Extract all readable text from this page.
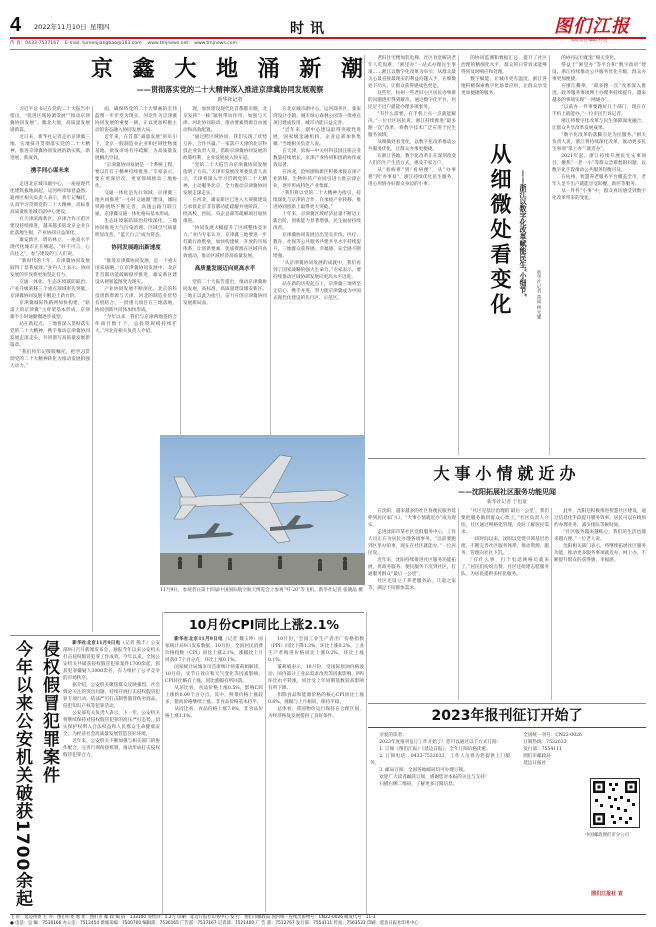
4 2022年11月10日 星期四	时讯	图们江报
本版责任编辑 朴英
传 真：0433-7537167 E-mail: tumenjiangbao@163.com www.tmjnews.net www.tmjnews.com
京 鑫 大 地 涌 新 潮
——贯彻落实党的二十大精神深入推进京津冀协同发展观察
新华社记者

习近平总书记在党的二十大报告中指出，“促进区域协调发展”“推动京津冀协同发展”。冀北大地，高质量发展谱新篇。

近日来，新华社记者走访京津冀三地，实地探寻贯彻落实党的二十大精神、推进京津冀协同发展的新实践、新进展、新成效。

携手同心谋未来

走进北京城市副中心，一座座现代化建筑拔地而起，运河两岸绿意盎然。通州区相关负责人表示，将牢记嘱托，认真学习贯彻党的二十大精神，高标准高质量推进城市副中心建设。

在天津滨海新区，京津合作示范区建设持续推进，越来越多的北京企业在此落地生根，产业协同日益深化。

雄安新区，塔吊林立，一座高水平现代化城市正在崛起。“妙不可言、心向往之”，参与建设的工人们说。

“新时代的十年，京津冀协同发展取得了显著成效。”业内人士表示，协同发展的步伐将更加坚定有力。

交通一体化、生态环境联防联治、产业升级转移三个重点领域率先突破，京津冀协同发展不断迈上新台阶。

京津冀城际铁路网加快构建，“轨道上的京津冀”主骨架基本形成，京津雄半小时通勤圈逐步成型。

站在新起点，三地将深入贯彻落实党的二十大精神，携手推动京津冀协同发展走深走实，共同谱写高质量发展新篇章。

“我们将牢记殷殷嘱托，把学习贯彻党的二十大精神转化为推动发展的强大动力。”

面，确保将党的二十大擘画的宏伟蓝图一步步变为现实。河北作为京津冀协同发展的重要一极，正以更加积极主动的姿态融入协同发展大局。

近年来，在首都“减量发展”的牵引下，北京一般制造业企业和区域性物流基地、批发市场有序疏解，为高质量发展腾出空间。

“京津冀协同发展是一个系统工程，要以钉钉子精神持续推进。”专家表示，要在更深层次、更宽领域推动三地协作。

交通一体化是先行领域。京津冀三地共同推进“一小时交通圈”建设，城际铁路网络不断完善，高速公路互联互通，京津冀交通一体化格局基本形成。

生态环境联防联治持续深化，三地协同推进大气污染治理，区域空气质量明显改善，“蓝天白云”成为常态。

协同发展跑出新速度

“推进京津冀协同发展，是一个重大国家战略。”在京津冀协同发展中，北京非首都功能疏解稳步推进，雄安新区建设从规划蓝图变为现实。

产业协同发展不断深化。北京的科技创新资源与天津、河北的制造业优势有机结合，一批重大项目在三地落地，协同创新共同体加快形成。

“今年以来，我们与京津两地签约合作项目数十个，总投资规模持续扩大。”河北省相关负责人介绍。

现，加快建设现代化首都都市圈，北京发挥“一核”辐射带动作用，加强与天津、河北协同联动，推动要素资源自由流动和高效配置。

“通过跨区域协同，我们实现了优势互补、合作共赢。”一家落户天津的北京科技企业负责人说，借助京津冀协同发展的政策红利，企业发展驶入快车道。

“党的二十大报告为京津冀协同发展指明了方向。”天津市发展改革委负责人表示，天津将深入学习贯彻党的二十大精神，主动服务北京，全力推动京津冀协同发展走深走实。

在河北，雄安新区已进入大规模建设与承接北京非首都功能疏解并重阶段。一批高校、医院、央企总部等疏解项目加快推进。

“协同发展大幅提升了区域整体竞争力。”业内专家认为，京津冀三地要进一步打破行政壁垒，加快构建统一开放的市场体系，让创新要素、优质资源在区域内高效流动，推动区域经济高质量发展。

高质量发展迈向更高水平

党的二十大报告提出，推动京津冀协同发展，高标准、高质量建设雄安新区。三地正以此为指引，奋力开创京津冀协同发展新局面。

在北京城市副中心，运河商务区、张家湾设计小镇、城市绿心森林公园等一批重点项目建成投用，城市功能日益完善。

“近年来，副中心建设取得突破性进展，国家级金融机构、企业总部加快集聚。”当地相关负责人说。

在天津，滨海—中关村科技园注册企业数量持续增长，京津产业协同和创新协作成效显著。

在河北，沧州渤海新区积极承接京津产业转移，生物医药产业园引进大批京津企业，逐步形成特色产业集群。

“我们将以党的二十大精神为指引，持续深化与京津的合作，在承接产业转移、推进协同创新上取得更大突破。”

十年来，京津冀区域经济总量不断迈上新台阶，创新能力显著增强，民生福祉持续改善。

京津冀协同发展迈出坚实步伐。医疗、教育、社保等公共服务共建共享水平持续提升，三地群众获得感、幸福感、安全感不断增强。

“从京津冀协同发展的成就中，我们看到了国家战略的强大生命力。”专家表示，要持续推动区域协调发展向更高水平迈进。

站在新的历史起点上，京津冀三地将坚定信心、携手并进，努力使京津冀成为中国式现代化建设的先行区、示范区。

11月9日，参观者在第十四届中国国际航空航天博览会上参观“歼-20”等飞机。新华社记者 张晓晶 摄

老旧住宅楼加装电梯、社区食堂解决老年人吃饭难、“浙里办”一站式办理民生事项……浙江以数字化改革为牵引，从群众最关心最直接最现实的利益问题入手，在细微处下功夫，让群众获得感成色更足。

这些年，杭州一些老旧小区居民办事难的问题逐步得到解决。通过数字化平台，居民足不出户就能办理多项事务。

“有什么需要，在手机上点一点就能解决。”一位社区居民说。浙江持续推进“最多跑一次”改革，将数字技术广泛应用于民生服务领域。

从细微处看变化，以数字化改革推动公共服务优化，让群众办事更便捷。

在浙江各地，数字化改革正在深刻改变人们的生产生活方式，惠及千家万户。

从“看病难”到“看病便”，从“办事难”到“办事易”，浙江持续优化民生服务，用心用情办好群众身边的小事。

的协同监测和数据汇总，提升了社区治理的精细化水平。群众的日常诉求能够得到及时响应和处理。

数字赋能，让城市更有温度。浙江各地积极探索数字化场景应用，让群众享受更加便捷的服务。

从细微处看变化	——浙江以数字化改革赋能民生“小细节”	新华社记者 黄筱 林光耀

的协同运行配套”相关变化。

得益于“浙里办”等平台和“数字政府”建设，浙江持续推动公共服务优化升级，群众办事更加便捷。

在浙江衢州，“最多跑一次”改革深入推进，政务服务事项网上办理率持续提升，越来越多的事项实现“一网通办”。

“以前办一件事要跑好几个部门，现在在手机上就能办。”一位市民告诉记者。

浙江将数字化改革与民生保障深度融合，让群众共享改革发展成果。

“数字化改革的落脚点是为民服务。”相关负责人说，浙江将持续深化改革，推动更多民生事项“掌上办”“就近办”。

2021年起，浙江持续开展民生实事项目，聚焦“一老一小”等群众急难愁盼问题，以数字化手段推动公共服务均衡可及。

在杭州，智慧养老服务平台覆盖全市，老年人足不出户就能享受助餐、助医等服务。

从一件件“小事”中，群众真切感受到数字化改革带来的变化。

大事小情就近办
——沈阳拓展社区服务功能见闻
新华社记者 于也童

在沈阳，越来越多的社区将便民服务延伸到居民家门口，“大事小情就近办”成为现实。

走进沈阳市某社区党群服务中心，工作人员正在为居民办理各项事务。“以前要跑到区里办的事，现在在社区就能办。”一位居民说。

近年来，沈阳持续推进社区服务功能拓展，将政务服务、便民服务下沉到社区，打通服务群众“最后一公里”。

社区还设立了养老服务站、儿童之家等，满足不同群体需求。

“社区是基层治理的‘最后一公里’，我们要把服务做到群众心坎上。”社区负责人介绍，社区通过网格化管理，及时了解居民需求。

一段时间以来，沈阳以党建引领基层治理，不断完善社区服务体系，推动资源、服务、管理向社区下沉。

“有什么事，打个电话网格员就来了。”居民们纷纷点赞。社区还组建志愿服务队，为居民提供多样化服务。

此外，沈阳还积极推进智慧社区建设，通过信息化手段提升服务效率。居民可以在线预约办理业务，减少排队等候时间。

“社区服务越来越贴心，我们的生活也越来越方便。”一位老人说。

沈阳相关部门表示，将继续拓展社区服务功能，推动更多服务事项就近办、网上办，不断提升群众的获得感、幸福感。

今年以来公安机关破获1700余起 侵权假冒犯罪案件	新华社北京11月9日电（记者 熊丰）公安部9日召开新闻发布会，通报今年以来公安机关打击侵权假冒犯罪工作成效。今年以来，全国公安机关共破获侵权假冒犯罪案件1700余起，抓获犯罪嫌疑人3000余名，有力维护了公平竞争的市场秩序。

据介绍，公安机关聚焦群众反映强烈、社会舆论关注的突出问题，持续开展打击侵权假冒犯罪专项行动，依法严厉打击制售假冒伪劣商品、侵犯知识产权等犯罪活动。

公安部有关负责人表示，下一步，公安机关将继续保持对侵权假冒犯罪的高压严打态势，切实保护权利人合法权益和人民群众生命健康安全，为经济社会高质量发展营造良好环境。

近年来，公安机关不断加强与相关部门的协作配合，完善行刑衔接机制，推动形成打击侵权假冒犯罪合力。

10月份CPI同比上涨2.1%

新华社北京11月9日电（记者 魏玉坤）国家统计局9日发布数据，10月份，全国居民消费价格指数（CPI）同比上涨2.1%，涨幅比上月回落0.7个百分点；环比上涨0.1%。

国家统计局城市司首席统计师董莉娟解读，10月份，受节日效应和天气变化等因素影响，CPI环比略有上涨，同比涨幅有所回落。

从环比看，食品价格上涨0.5%，影响CPI上涨约0.09个百分点。其中，鲜菜价格上涨较多，猪肉价格继续上涨。非食品价格基本持平。

从同比看，食品价格上涨7.0%，非食品价格上涨1.1%。

10月份，全国工业生产者出厂价格指数（PPI）同比下降1.3%，环比上涨0.2%。工业生产者购进价格同比上涨0.2%，环比上涨0.1%。

董莉娟表示，10月份，受国际原油价格波动、国内部分工业品需求改善等因素影响，PPI环比由平转涨，同比受上年同期基数较高影响有所下降。

扣除食品和能源价格的核心CPI同比上涨0.6%，涨幅与上月相同，保持平稳。

总体看，我国物价运行保持在合理区间，为经济恢复发展提供了良好条件。	2023年报刊征订开始了

亲爱的读者：

2023年度报刊征订工作开始了！您可以通过以下方式订阅：

1. 订阅《图们江报》《延边日报》，全年订阅价格优惠。

2. 订阅电话：0433-7532633，工作人员将为您提供上门服务。

3. 邮局订阅：全国各地邮局均可办理订阅。

欢迎广大读者踊跃订阅，感谢您对本报的关注与支持！

扫描右侧二维码，了解更多订阅信息。

全国统一刊号：CN22-0026

订阅热线：7532633

发行部：7554111

图们市邮政局

延边日报社

中国邮政图们市分公司
图们江报社 宣
主 管：延边州委 主 办：图们市委 地 址：图们市 邮 政 编 码：133100 零售价：1.2元 印刷：延边日报社印务中心 发 行：图们市邮政局 国内统一连续出版物号：CN22-0026 邮发代号：11-3
● 电话：总 编：7530166 办公室：7512454 新闻采编：7500700 编辑部：7530165 广告部：7537167 记者部：7521400 广 告 部：7512767 发行部：7554111 传真：7563533 印刷：延边日报社印务中心
